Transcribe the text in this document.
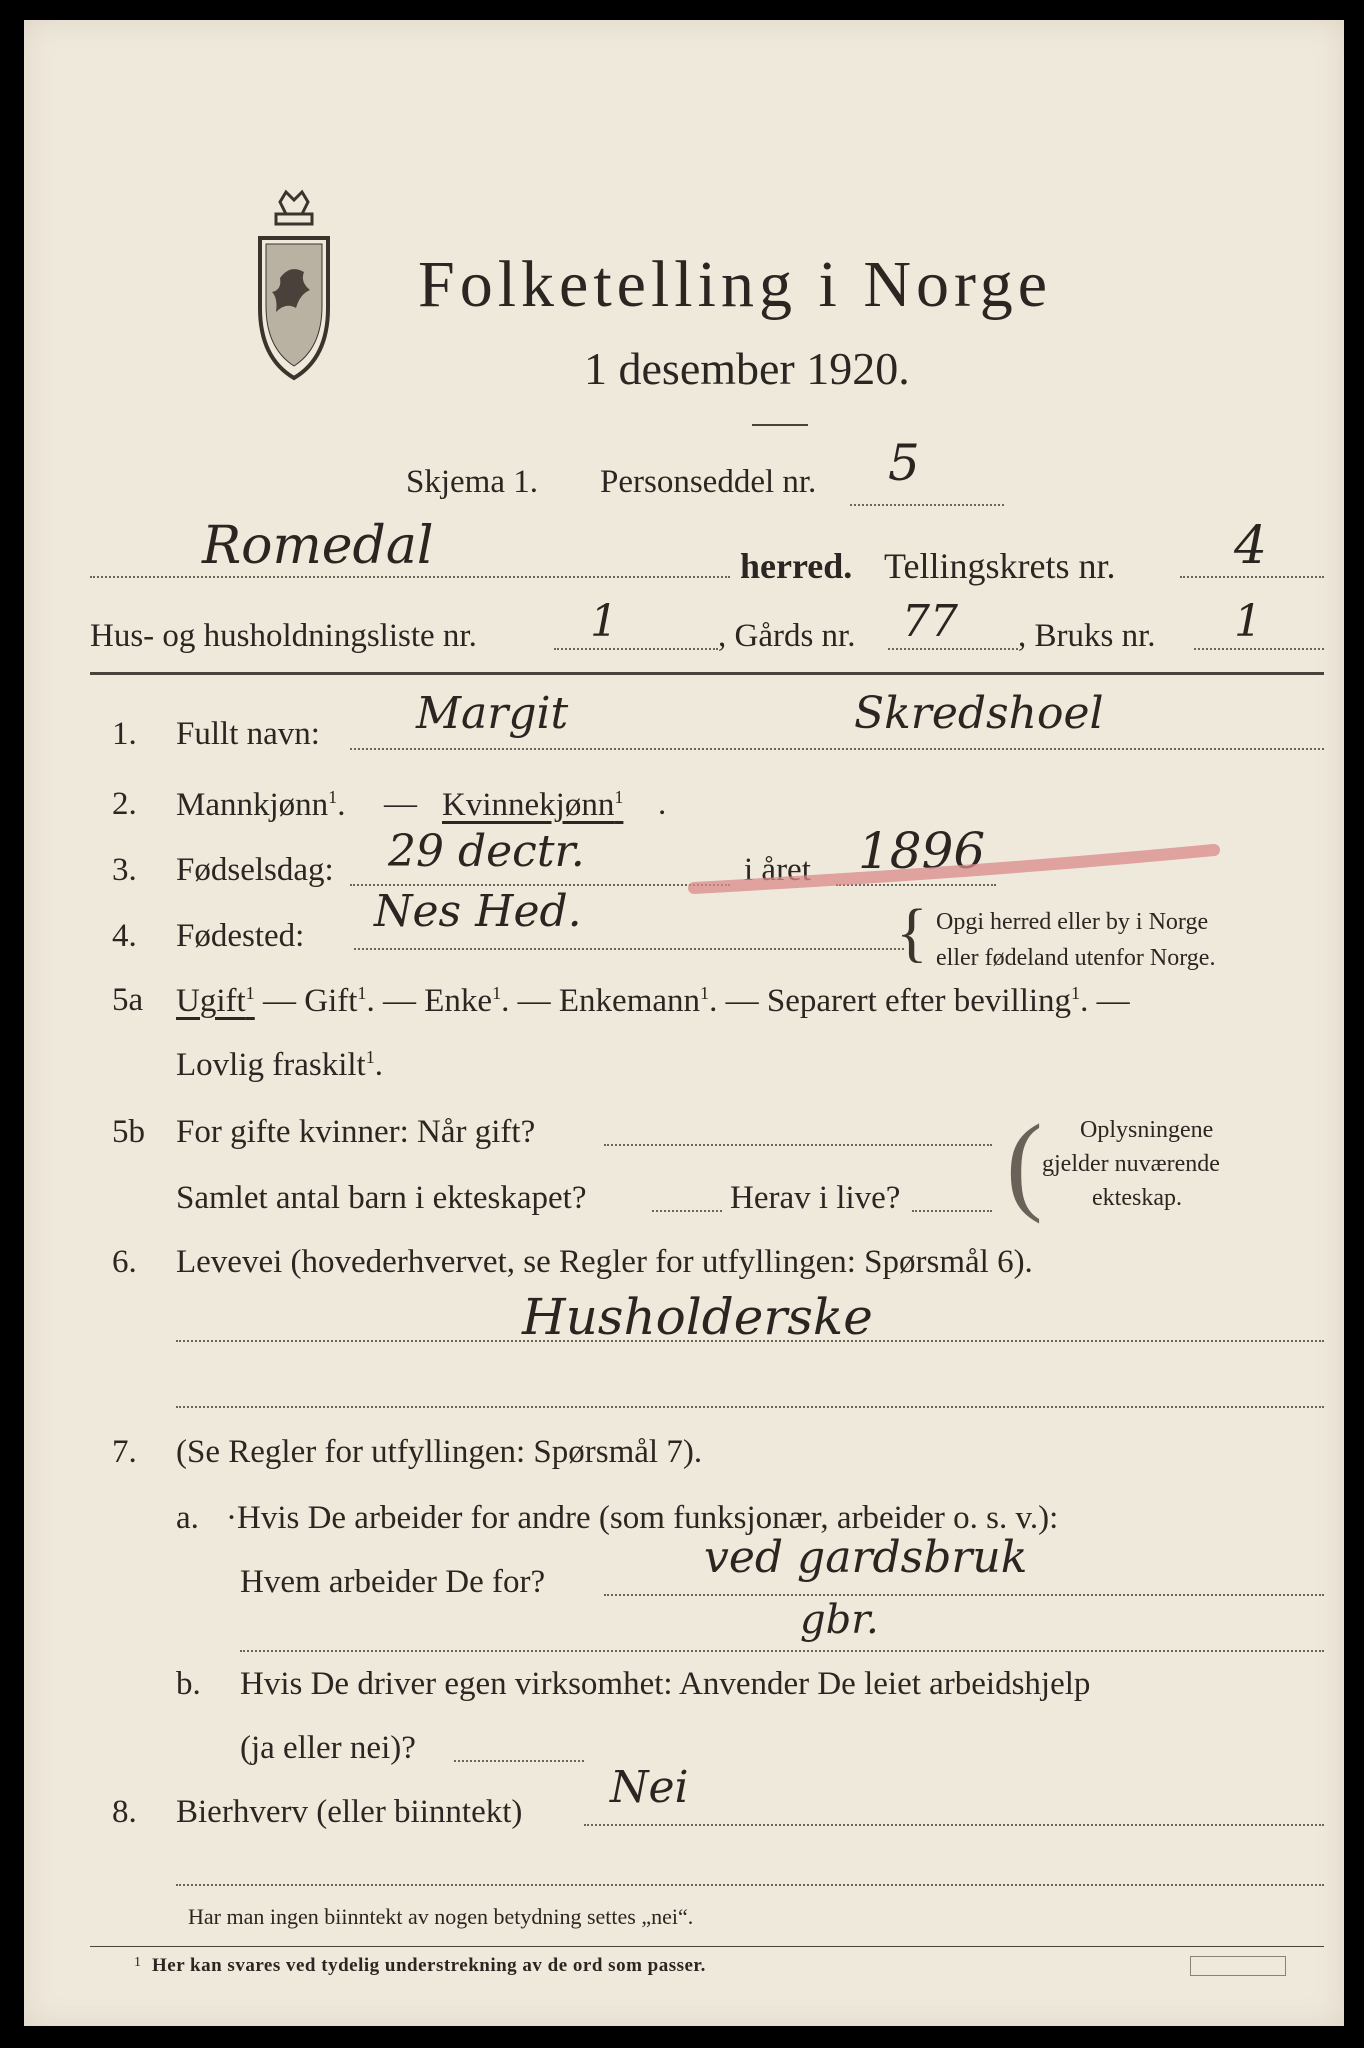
Folketelling i Norge
1 desember 1920.
Skjema 1. Personseddel nr. 5
Romedal	herred. Tellingskrets nr. 4
Hus- og husholdningsliste nr.	1	, Gårds nr. 77 , Bruks nr. 1
1. Fullt navn: Margit	Skredshoel
2. Mannkjønn$^1$. — Kvinnekjønn$^1$ .
3. Fødselsdag: 29 dectr.	i året 1896
4. Fødested: Nes Hed.	{ Opgi herred eller by i Norge
eller fødeland utenfor Norge.
5a Ugift$^1$ — Gift$^1$. — Enke$^1$. — Enkemann$^1$. — Separert efter bevilling$^1$. —
Lovlig fraskilt$^1$.
5b For gifte kvinner: Når gift?
Samlet antal barn i ekteskapet?	Herav i live? ( Oplysningene
gjelder nuværende
ekteskap.
6. Levevei (hovederhvervet, se Regler for utfyllingen: Spørsmål 6).
Husholderske
7. (Se Regler for utfyllingen: Spørsmål 7).
a. ·Hvis De arbeider for andre (som funksjonær, arbeider o. s. v.):
Hvem arbeider De for?	ved gardsbruk
gbr.
b. Hvis De driver egen virksomhet: Anvender De leiet arbeidshjelp
(ja eller nei)?
8. Bierhverv (eller biinntekt) Nei
Har man ingen biinntekt av nogen betydning settes „nei“.
1 Her kan svares ved tydelig understrekning av de ord som passer.
